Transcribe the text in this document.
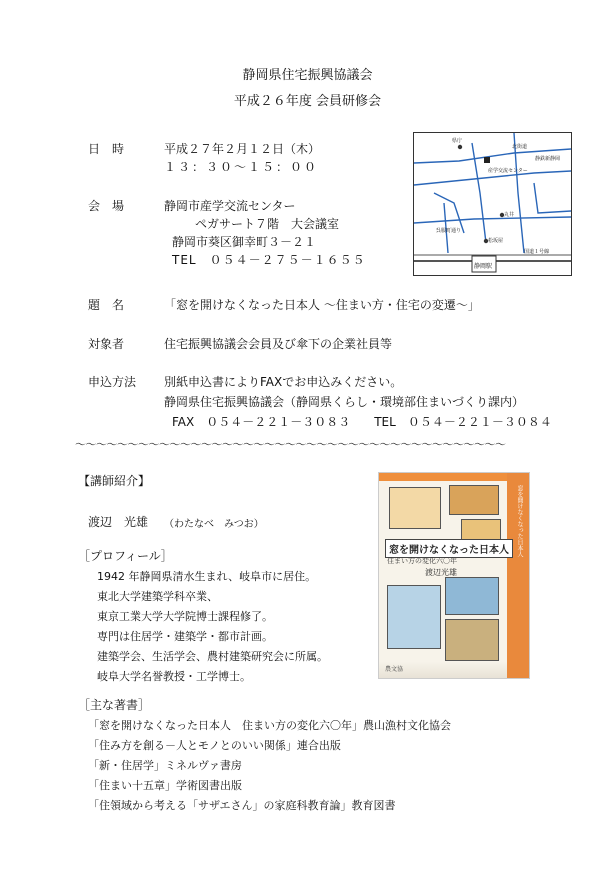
静岡県住宅振興協議会
平成２６年度 会員研修会
日　時	平成２７年２月１２日（木）
１３：３０～１５：００
会　場	静岡市産学交流センター
ペガサート７階　大会議室
静岡市葵区御幸町３－２１
TEL　０５４－２７５－１６５５
県庁
北街道
静鉄新静岡
産学交流センター
丸井
呉服町通り
松坂屋
国道１号線
静岡駅
題　名	「窓を開けなくなった日本人 ～住まい方・住宅の変遷～」
対象者	住宅振興協議会会員及び傘下の企業社員等
申込方法 別紙申込書によりFAXでお申込みください。
静岡県住宅振興協議会（静岡県くらし・環境部住まいづくり課内）
FAX　０５４－２２１－３０８３　　TEL　０５４－２２１－３０８４
～～～～～～～～～～～～～～～～～～～～～～～～～～～～～～～～～～～～～～～～～
【講師紹介】
渡辺　光雄 （わたなべ　みつお）
［プロフィール］
1942 年静岡県清水生まれ、岐阜市に居住。
東北大学建築学科卒業、
東京工業大学大学院博士課程修了。
専門は住居学・建築学・都市計画。
建築学会、生活学会、農村建築研究会に所属。
岐阜大学名誉教授・工学博士。
窓を開けなくなった日本人
窓を開けなくなった日本人
住まい方の変化六〇年
渡辺光雄
農文協
［主な著書］
「窓を開けなくなった日本人　住まい方の変化六〇年」農山漁村文化協会
「住み方を創る－人とモノとのいい関係」連合出版
「新・住居学」ミネルヴァ書房
「住まい十五章」学術図書出版
「住領域から考える「サザエさん」の家庭科教育論」教育図書
